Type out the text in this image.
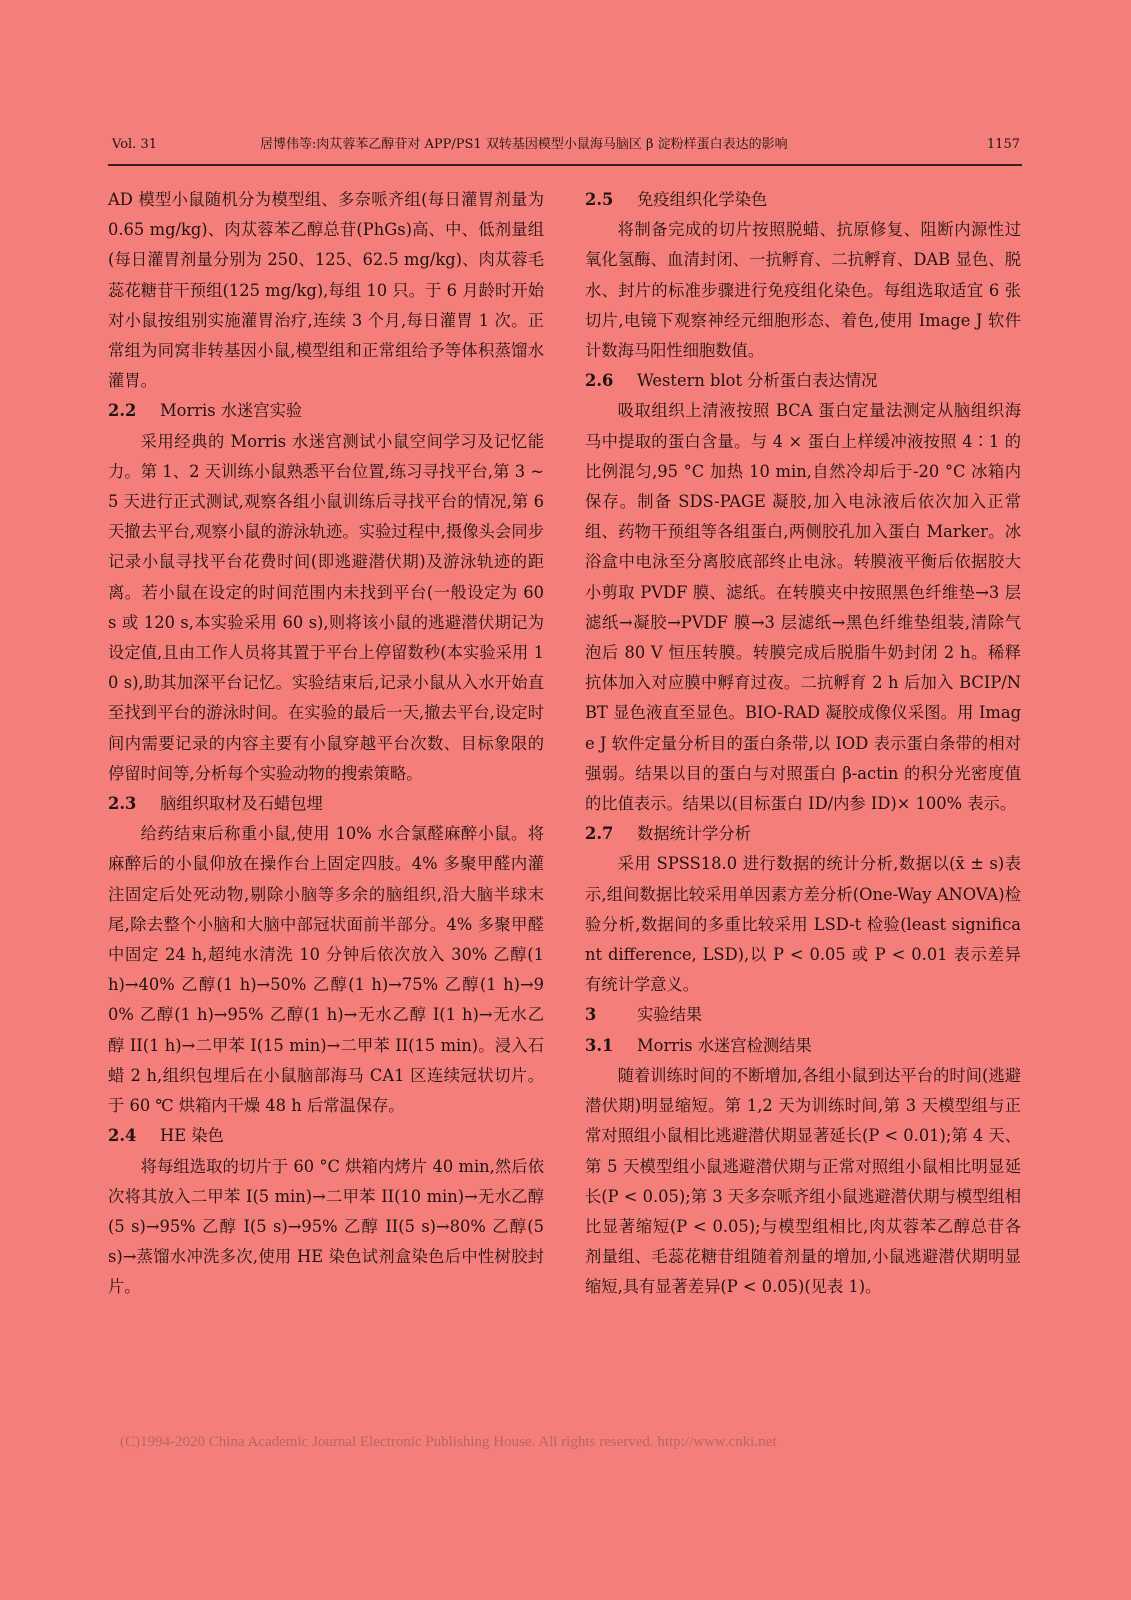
Vol. 31	居博伟等:肉苁蓉苯乙醇苷对 APP/PS1 双转基因模型小鼠海马脑区 β 淀粉样蛋白表达的影响	1157

AD 模型小鼠随机分为模型组、多奈哌齐组(每日灌胃剂量为 0.65 mg/kg)、肉苁蓉苯乙醇总苷(PhGs)高、中、低剂量组(每日灌胃剂量分别为 250、125、62.5 mg/kg)、肉苁蓉毛蕊花糖苷干预组(125 mg/kg),每组 10 只。于 6 月龄时开始对小鼠按组别实施灌胃治疗,连续 3 个月,每日灌胃 1 次。正常组为同窝非转基因小鼠,模型组和正常组给予等体积蒸馏水灌胃。

2.2 Morris 水迷宫实验

采用经典的 Morris 水迷宫测试小鼠空间学习及记忆能力。第 1、2 天训练小鼠熟悉平台位置,练习寻找平台,第 3 ~ 5 天进行正式测试,观察各组小鼠训练后寻找平台的情况,第 6 天撤去平台,观察小鼠的游泳轨迹。实验过程中,摄像头会同步记录小鼠寻找平台花费时间(即逃避潜伏期)及游泳轨迹的距离。若小鼠在设定的时间范围内未找到平台(一般设定为 60 s 或 120 s,本实验采用 60 s),则将该小鼠的逃避潜伏期记为设定值,且由工作人员将其置于平台上停留数秒(本实验采用 10 s),助其加深平台记忆。实验结束后,记录小鼠从入水开始直至找到平台的游泳时间。在实验的最后一天,撤去平台,设定时间内需要记录的内容主要有小鼠穿越平台次数、目标象限的停留时间等,分析每个实验动物的搜索策略。

2.3 脑组织取材及石蜡包埋

给药结束后称重小鼠,使用 10% 水合氯醛麻醉小鼠。将麻醉后的小鼠仰放在操作台上固定四肢。4% 多聚甲醛内灌注固定后处死动物,剔除小脑等多余的脑组织,沿大脑半球末尾,除去整个小脑和大脑中部冠状面前半部分。4% 多聚甲醛中固定 24 h,超纯水清洗 10 分钟后依次放入 30% 乙醇(1 h)→40% 乙醇(1 h)→50% 乙醇(1 h)→75% 乙醇(1 h)→90% 乙醇(1 h)→95% 乙醇(1 h)→无水乙醇 I(1 h)→无水乙醇 II(1 h)→二甲苯 I(15 min)→二甲苯 II(15 min)。浸入石蜡 2 h,组织包埋后在小鼠脑部海马 CA1 区连续冠状切片。于 60 ℃ 烘箱内干燥 48 h 后常温保存。

2.4 HE 染色

将每组选取的切片于 60 °C 烘箱内烤片 40 min,然后依次将其放入二甲苯 I(5 min)→二甲苯 II(10 min)→无水乙醇(5 s)→95% 乙醇 I(5 s)→95% 乙醇 II(5 s)→80% 乙醇(5 s)→蒸馏水冲洗多次,使用 HE 染色试剂盒染色后中性树胶封片。

2.5 免疫组织化学染色

将制备完成的切片按照脱蜡、抗原修复、阻断内源性过氧化氢酶、血清封闭、一抗孵育、二抗孵育、DAB 显色、脱水、封片的标准步骤进行免疫组化染色。每组选取适宜 6 张切片,电镜下观察神经元细胞形态、着色,使用 Image J 软件计数海马阳性细胞数值。

2.6 Western blot 分析蛋白表达情况

吸取组织上清液按照 BCA 蛋白定量法测定从脑组织海马中提取的蛋白含量。与 4 × 蛋白上样缓冲液按照 4∶1 的比例混匀,95 °C 加热 10 min,自然冷却后于-20 °C 冰箱内保存。制备 SDS-PAGE 凝胶,加入电泳液后依次加入正常组、药物干预组等各组蛋白,两侧胶孔加入蛋白 Marker。冰浴盒中电泳至分离胶底部终止电泳。转膜液平衡后依据胶大小剪取 PVDF 膜、滤纸。在转膜夹中按照黑色纤维垫→3 层滤纸→凝胶→PVDF 膜→3 层滤纸→黑色纤维垫组装,清除气泡后 80 V 恒压转膜。转膜完成后脱脂牛奶封闭 2 h。稀释抗体加入对应膜中孵育过夜。二抗孵育 2 h 后加入 BCIP/NBT 显色液直至显色。BIO-RAD 凝胶成像仪采图。用 Image J 软件定量分析目的蛋白条带,以 IOD 表示蛋白条带的相对强弱。结果以目的蛋白与对照蛋白 β-actin 的积分光密度值的比值表示。结果以(目标蛋白 ID/内参 ID)× 100% 表示。

2.7 数据统计学分析

采用 SPSS18.0 进行数据的统计分析,数据以(x̄ ± s)表示,组间数据比较采用单因素方差分析(One-Way ANOVA)检验分析,数据间的多重比较采用 LSD-t 检验(least significant difference, LSD),以 P < 0.05 或 P < 0.01 表示差异有统计学意义。

3 实验结果
3.1 Morris 水迷宫检测结果

随着训练时间的不断增加,各组小鼠到达平台的时间(逃避潜伏期)明显缩短。第 1,2 天为训练时间,第 3 天模型组与正常对照组小鼠相比逃避潜伏期显著延长(P < 0.01);第 4 天、第 5 天模型组小鼠逃避潜伏期与正常对照组小鼠相比明显延长(P < 0.05);第 3 天多奈哌齐组小鼠逃避潜伏期与模型组相比显著缩短(P < 0.05);与模型组相比,肉苁蓉苯乙醇总苷各剂量组、毛蕊花糖苷组随着剂量的增加,小鼠逃避潜伏期明显缩短,具有显著差异(P < 0.05)(见表 1)。

(C)1994-2020 China Academic Journal Electronic Publishing House. All rights reserved. http://www.cnki.net
